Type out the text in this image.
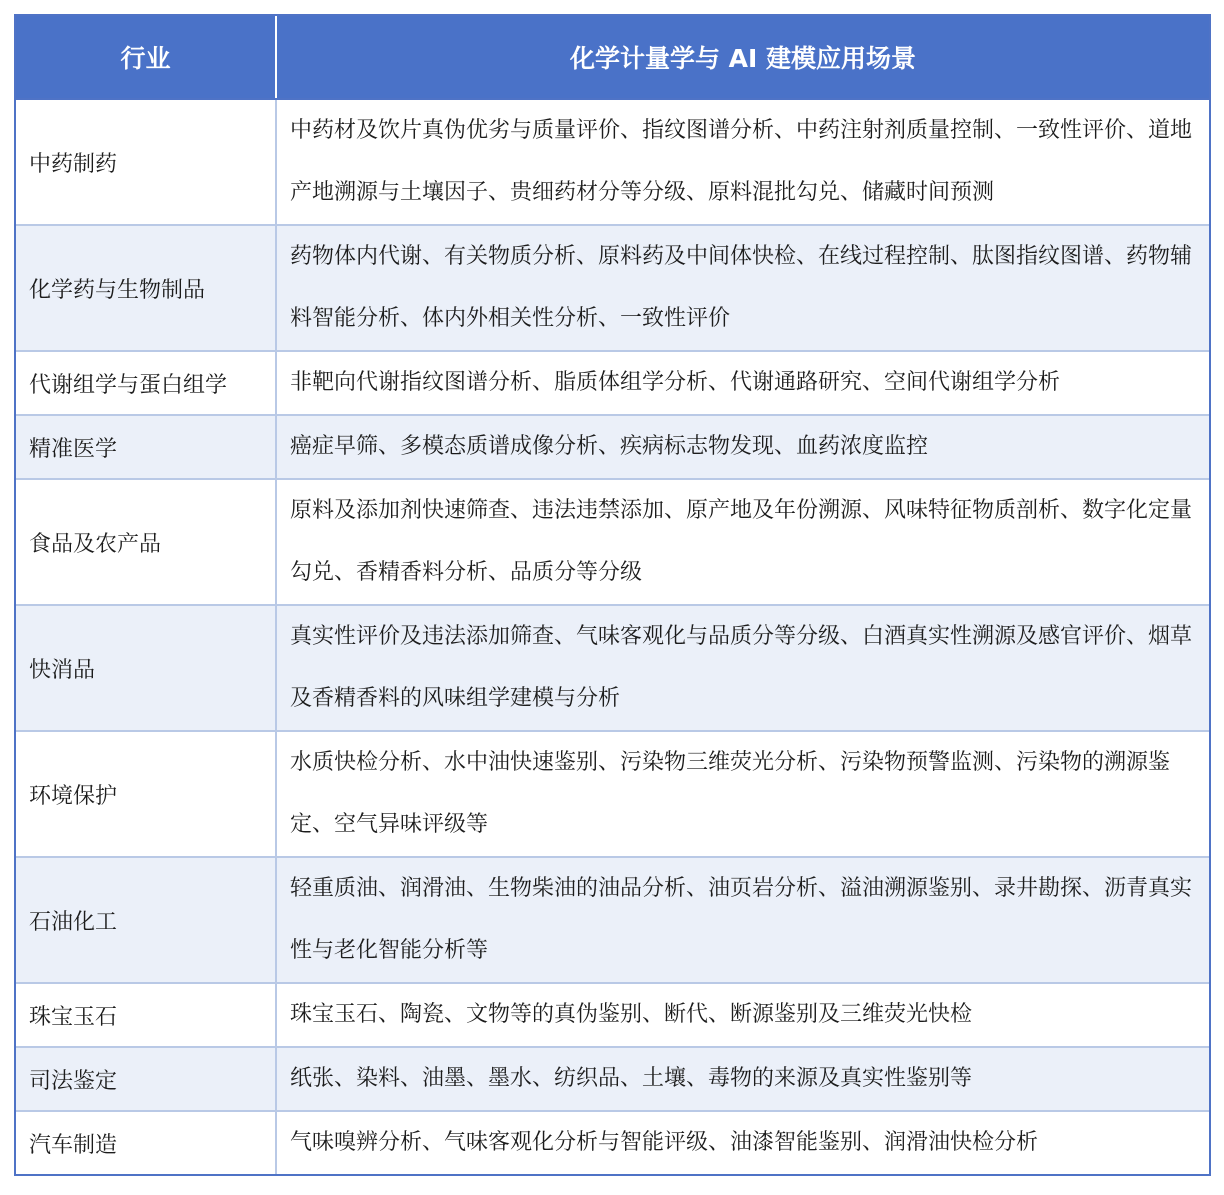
行业	化学计量学与 AI 建模应用场景
中药制药	中药材及饮片真伪优劣与质量评价、指纹图谱分析、中药注射剂质量控制、一致性评价、道地产地溯源与土壤因子、贵细药材分等分级、原料混批勾兑、储藏时间预测
化学药与生物制品	药物体内代谢、有关物质分析、原料药及中间体快检、在线过程控制、肽图指纹图谱、药物辅料智能分析、体内外相关性分析、一致性评价
代谢组学与蛋白组学	非靶向代谢指纹图谱分析、脂质体组学分析、代谢通路研究、空间代谢组学分析
精准医学	癌症早筛、多模态质谱成像分析、疾病标志物发现、血药浓度监控
食品及农产品	原料及添加剂快速筛查、违法违禁添加、原产地及年份溯源、风味特征物质剖析、数字化定量勾兑、香精香料分析、品质分等分级
快消品	真实性评价及违法添加筛查、气味客观化与品质分等分级、白酒真实性溯源及感官评价、烟草及香精香料的风味组学建模与分析
环境保护	水质快检分析、水中油快速鉴别、污染物三维荧光分析、污染物预警监测、污染物的溯源鉴定、空气异味评级等
石油化工	轻重质油、润滑油、生物柴油的油品分析、油页岩分析、溢油溯源鉴别、录井勘探、沥青真实性与老化智能分析等
珠宝玉石	珠宝玉石、陶瓷、文物等的真伪鉴别、断代、断源鉴别及三维荧光快检
司法鉴定	纸张、染料、油墨、墨水、纺织品、土壤、毒物的来源及真实性鉴别等
汽车制造	气味嗅辨分析、气味客观化分析与智能评级、油漆智能鉴别、润滑油快检分析
